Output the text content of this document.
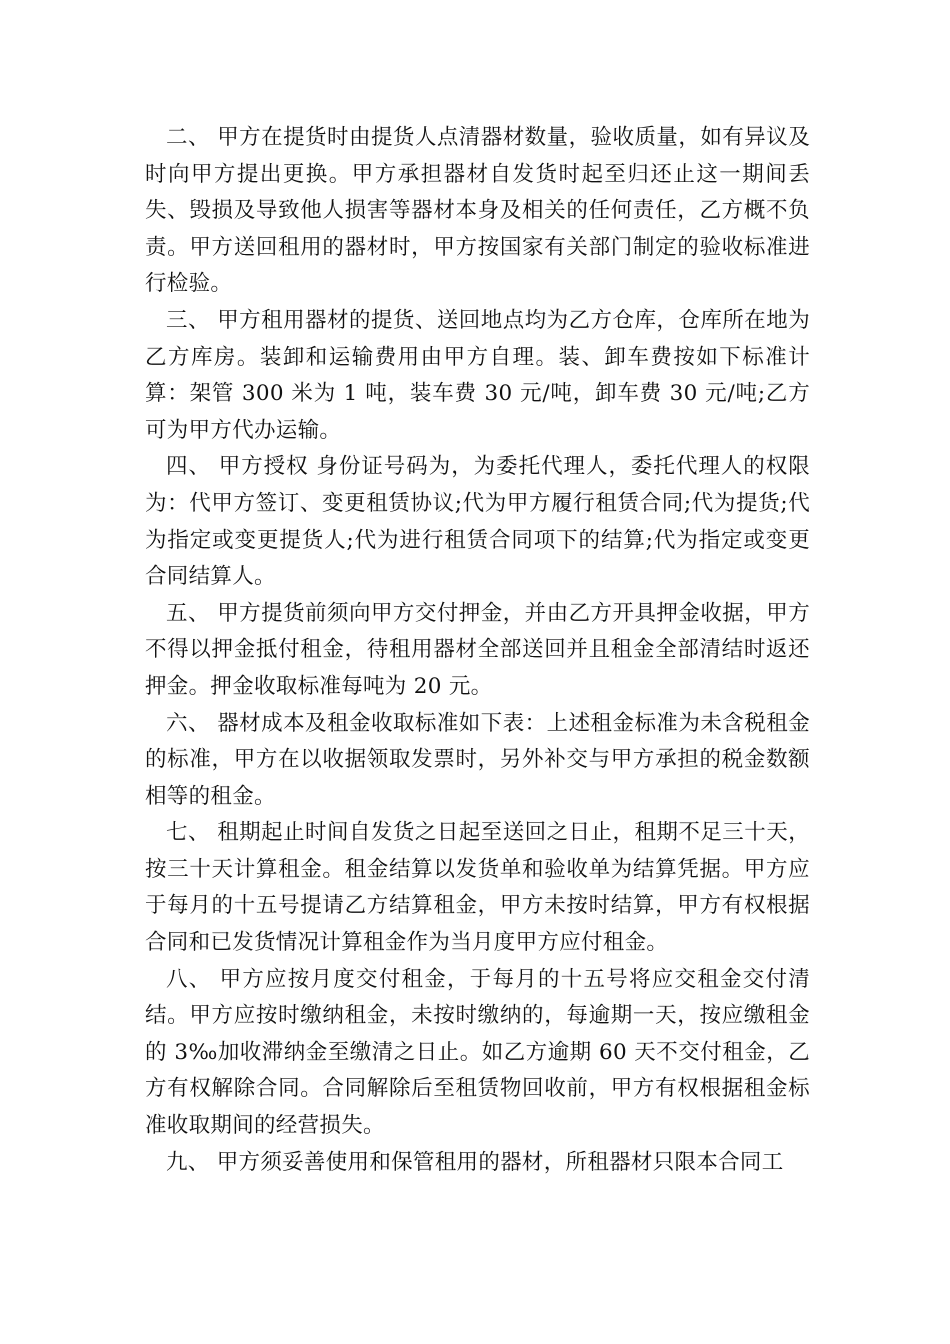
二、 甲方在提货时由提货人点清器材数量，验收质量，如有异议及时向甲方提出更换。甲方承担器材自发货时起至归还止这一期间丢失、毁损及导致他人损害等器材本身及相关的任何责任，乙方概不负责。甲方送回租用的器材时，甲方按国家有关部门制定的验收标准进行检验。

三、 甲方租用器材的提货、送回地点均为乙方仓库，仓库所在地为乙方库房。装卸和运输费用由甲方自理。装、卸车费按如下标准计算：架管 300 米为 1 吨，装车费 30 元/吨，卸车费 30 元/吨;乙方可为甲方代办运输。

四、 甲方授权 身份证号码为，为委托代理人，委托代理人的权限为：代甲方签订、变更租赁协议;代为甲方履行租赁合同;代为提货;代为指定或变更提货人;代为进行租赁合同项下的结算;代为指定或变更合同结算人。

五、 甲方提货前须向甲方交付押金，并由乙方开具押金收据，甲方不得以押金抵付租金，待租用器材全部送回并且租金全部清结时返还押金。押金收取标准每吨为 20 元。

六、 器材成本及租金收取标准如下表：上述租金标准为未含税租金的标准，甲方在以收据领取发票时，另外补交与甲方承担的税金数额相等的租金。

七、 租期起止时间自发货之日起至送回之日止，租期不足三十天，按三十天计算租金。租金结算以发货单和验收单为结算凭据。甲方应于每月的十五号提请乙方结算租金，甲方未按时结算，甲方有权根据合同和已发货情况计算租金作为当月度甲方应付租金。

八、 甲方应按月度交付租金，于每月的十五号将应交租金交付清结。甲方应按时缴纳租金，未按时缴纳的，每逾期一天，按应缴租金的 3‰加收滞纳金至缴清之日止。如乙方逾期 60 天不交付租金，乙方有权解除合同。合同解除后至租赁物回收前，甲方有权根据租金标准收取期间的经营损失。

九、 甲方须妥善使用和保管租用的器材，所租器材只限本合同工
